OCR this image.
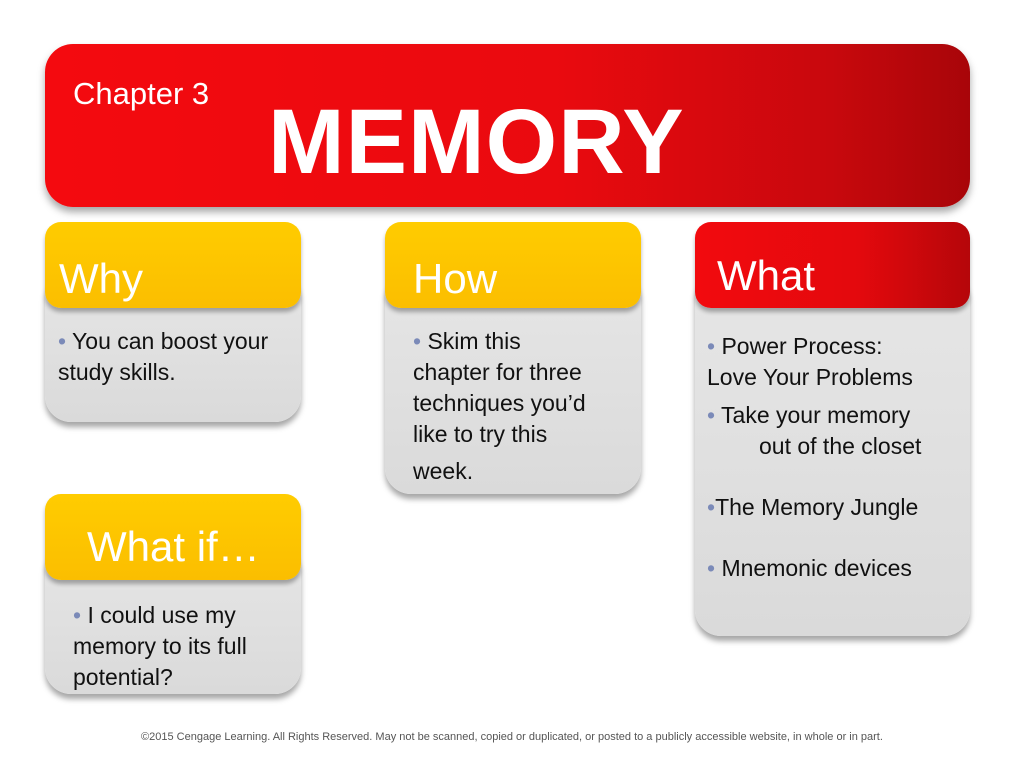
Chapter 3 MEMORY
Why

• You can boost your study skills.

How

• Skim this

chapter for three

techniques you’d

like to try this

week.

What

• Power Process:

Love Your Problems

• Take your memory

out of the closet

•The Memory Jungle

• Mnemonic devices

What if…

• I could use my

memory to its full

potential?

©2015 Cengage Learning. All Rights Reserved. May not be scanned, copied or duplicated, or posted to a publicly accessible website, in whole or in part.
